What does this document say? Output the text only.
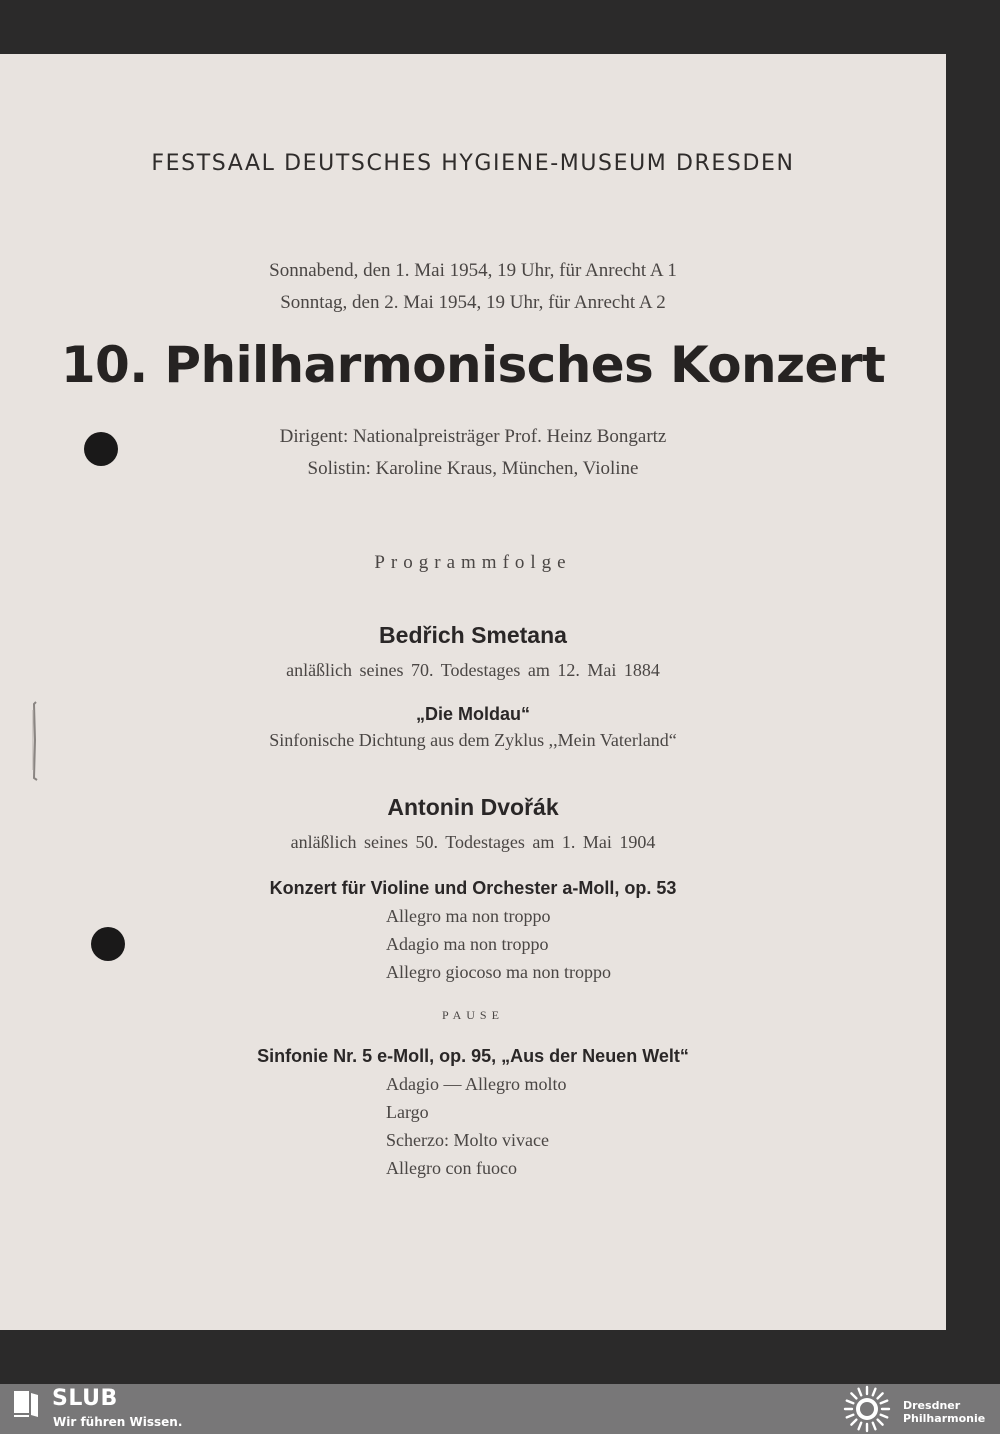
FESTSAAL DEUTSCHES HYGIENE-MUSEUM DRESDEN
Sonnabend, den 1. Mai 1954, 19 Uhr, für Anrecht A 1
Sonntag, den 2. Mai 1954, 19 Uhr, für Anrecht A 2
10. Philharmonisches Konzert
Dirigent: Nationalpreisträger Prof. Heinz Bongartz
Solistin: Karoline Kraus, München, Violine
Programmfolge
Bedřich Smetana
anläßlich seines 70. Todestages am 12. Mai 1884
„Die Moldau“
Sinfonische Dichtung aus dem Zyklus ,,Mein Vaterland“
Antonin Dvořák
anläßlich seines 50. Todestages am 1. Mai 1904
Konzert für Violine und Orchester a-Moll, op. 53
Allegro ma non troppo
Adagio ma non troppo
Allegro giocoso ma non troppo
PAUSE
Sinfonie Nr. 5 e-Moll, op. 95, „Aus der Neuen Welt“
Adagio — Allegro molto
Largo
Scherzo: Molto vivace
Allegro con fuoco
SLUB
Wir führen Wissen.
Dresdner
Philharmonie
